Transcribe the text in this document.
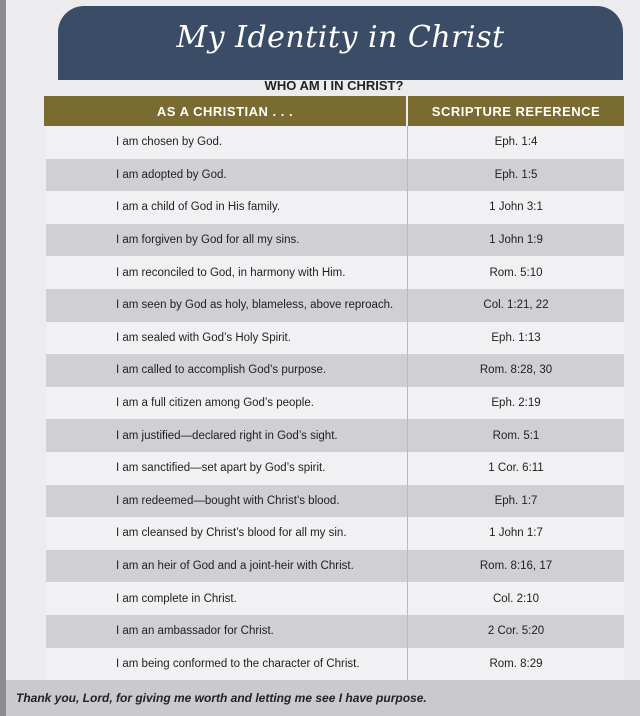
My Identity in Christ
WHO AM I IN CHRIST?
AS A CHRISTIAN . . .	SCRIPTURE REFERENCE
I am chosen by God.	Eph. 1:4
I am adopted by God.	Eph. 1:5
I am a child of God in His family.	1 John 3:1
I am forgiven by God for all my sins.	1 John 1:9
I am reconciled to God, in harmony with Him.	Rom. 5:10
I am seen by God as holy, blameless, above reproach.	Col. 1:21, 22
I am sealed with God’s Holy Spirit.	Eph. 1:13
I am called to accomplish God’s purpose.	Rom. 8:28, 30
I am a full citizen among God’s people.	Eph. 2:19
I am justified—declared right in God’s sight.	Rom. 5:1
I am sanctified—set apart by God’s spirit.	1 Cor. 6:11
I am redeemed—bought with Christ’s blood.	Eph. 1:7
I am cleansed by Christ’s blood for all my sin.	1 John 1:7
I am an heir of God and a joint-heir with Christ.	Rom. 8:16, 17
I am complete in Christ.	Col. 2:10
I am an ambassador for Christ.	2 Cor. 5:20
I am being conformed to the character of Christ.	Rom. 8:29
Thank you, Lord, for giving me worth and letting me see I have purpose.
